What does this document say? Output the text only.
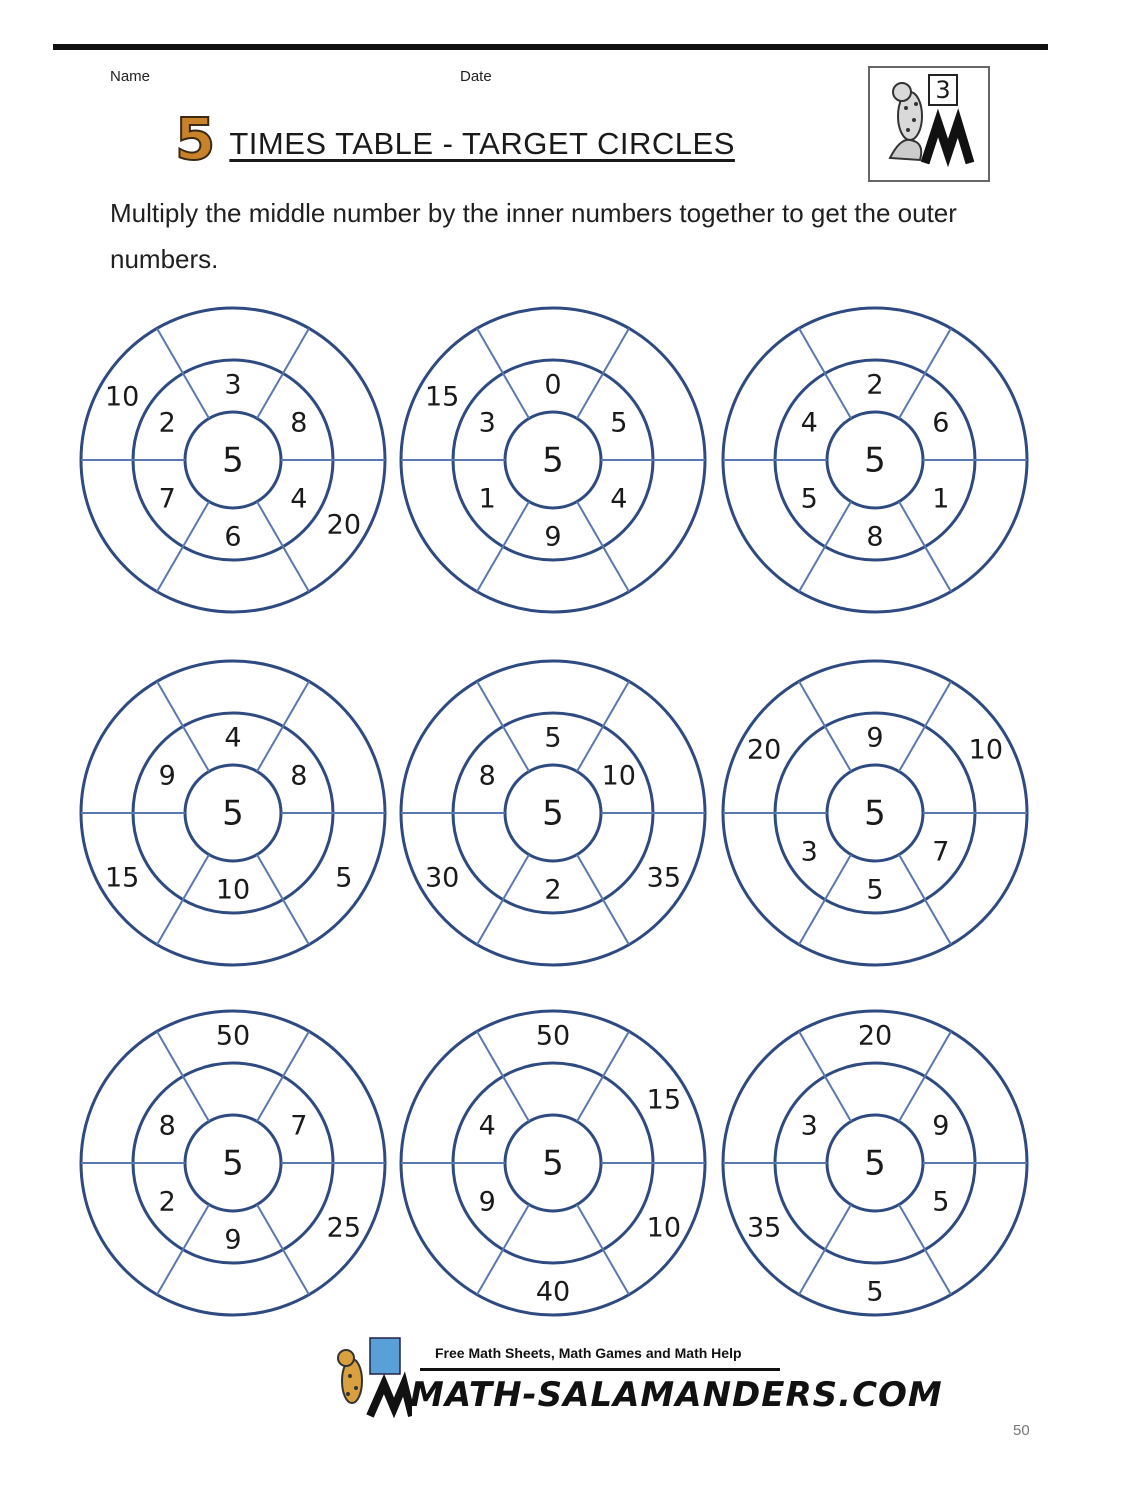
Name	Date
5 TIMES TABLE - TARGET CIRCLES
3
Multiply the middle number by the inner numbers together to get the outer numbers.
5
3
8
4
6
7
2
20
10
5
0
5
4
9
1
3
15
5
2
6
1
8
5
4
5
4
8
10
9
5
15
5
5
10
2
8
35
30
5
9
7
5
3
10
20
5
7
9
2
8
50
25
5
9
4
50
15
10
40
5
9
5
3
20
5
35
Free Math Sheets, Math Games and Math Help
MATH-SALAMANDERS.COM
50
